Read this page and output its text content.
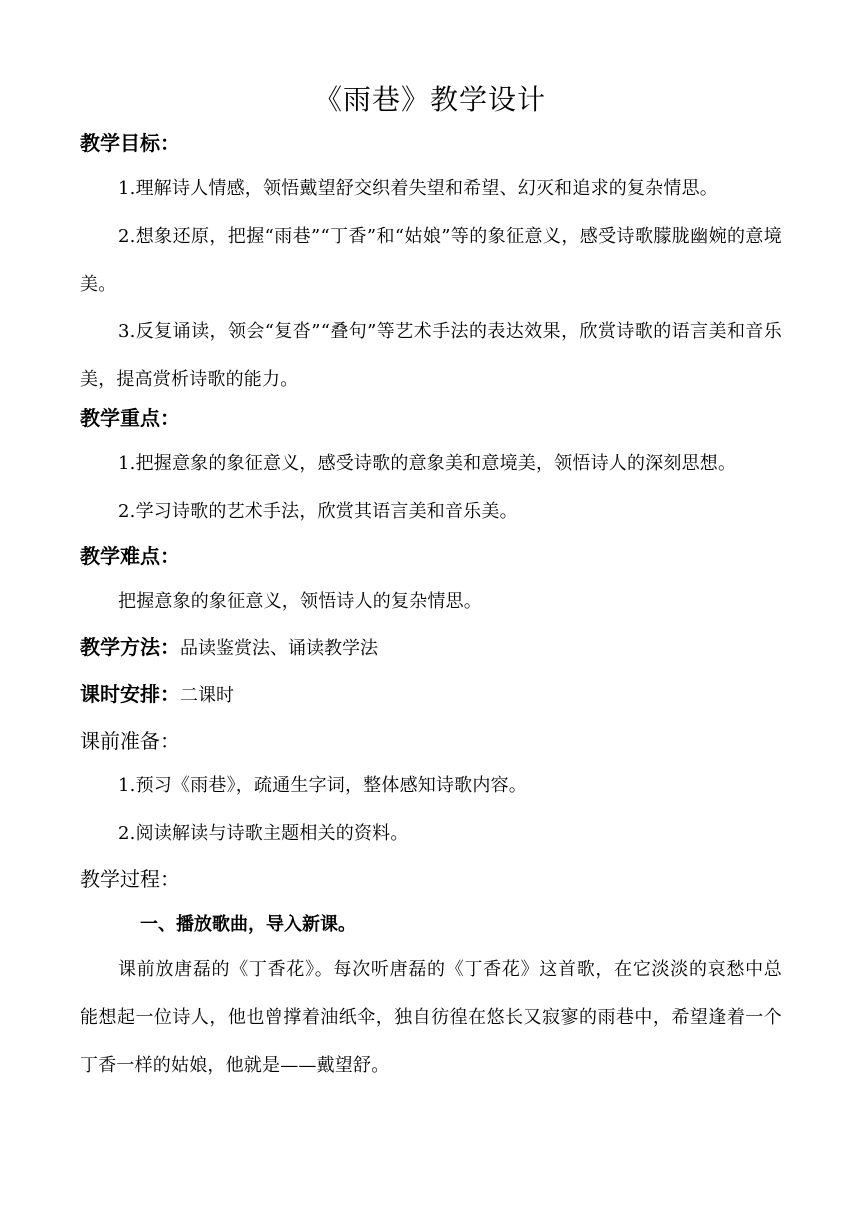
《雨巷》教学设计
教学目标：
1.理解诗人情感，领悟戴望舒交织着失望和希望、幻灭和追求的复杂情思。
2.想象还原，把握“雨巷”“丁香”和“姑娘”等的象征意义，感受诗歌朦胧幽婉的意境美。
3.反复诵读，领会“复沓”“叠句”等艺术手法的表达效果，欣赏诗歌的语言美和音乐美，提高赏析诗歌的能力。
教学重点：
1.把握意象的象征意义，感受诗歌的意象美和意境美，领悟诗人的深刻思想。
2.学习诗歌的艺术手法，欣赏其语言美和音乐美。
教学难点：
把握意象的象征意义，领悟诗人的复杂情思。
教学方法：品读鉴赏法、诵读教学法
课时安排：二课时
课前准备：
1.预习《雨巷》，疏通生字词，整体感知诗歌内容。
2.阅读解读与诗歌主题相关的资料。
教学过程：
一、播放歌曲，导入新课。
课前放唐磊的《丁香花》。每次听唐磊的《丁香花》这首歌，在它淡淡的哀愁中总能想起一位诗人，他也曾撑着油纸伞，独自彷徨在悠长又寂寥的雨巷中，希望逢着一个丁香一样的姑娘，他就是——戴望舒。
